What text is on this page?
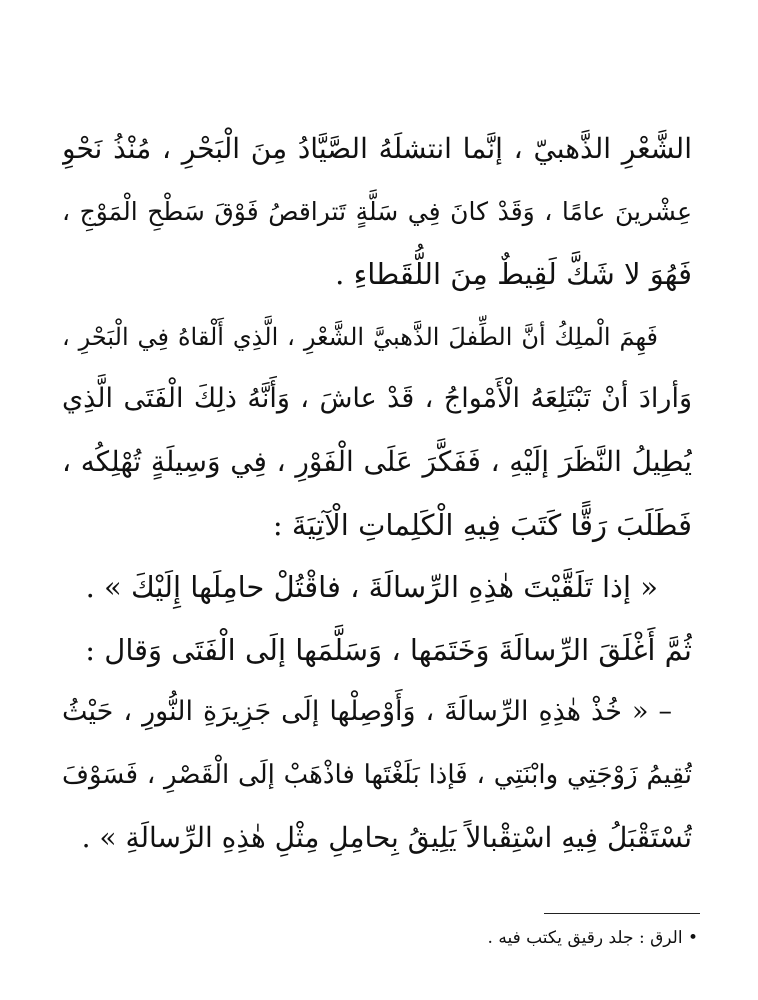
الشَّعْرِ الذَّهبيّ ، إنَّما انتشلَهُ الصَّيَّادُ مِنَ الْبَحْرِ ، مُنْذُ نَحْوِ
عِشْرينَ عامًا ، وَقَدْ كانَ فِي سَلَّةٍ تَتراقصُ فَوْقَ سَطْحِ الْمَوْجِ ،
فَهُوَ لا شَكَّ لَقِيطٌ مِنَ اللُّقَطاءِ .
فَهِمَ الْملِكُ أنَّ الطِّفلَ الذَّهبيَّ الشَّعْرِ ، الَّذِي أَلْقاهُ فِي الْبَحْرِ ،
وَأرادَ أنْ تَبْتَلِعَهُ الْأَمْواجُ ، قَدْ عاشَ ، وَأَنَّهُ ذلِكَ الْفَتَى الَّذِي
يُطِيلُ النَّظَرَ إلَيْهِ ، فَفَكَّرَ عَلَى الْفَوْرِ ، فِي وَسِيلَةٍ تُهْلِكُه ،
فَطَلَبَ رَقًّا كَتَبَ فِيهِ الْكَلِماتِ الْآتِيَةَ :
« إذا تَلَقَّيْتَ هٰذِهِ الرِّسالَةَ ، فاقْتُلْ حامِلَها إِلَيْكَ » .
ثُمَّ أَغْلَقَ الرِّسالَةَ وَخَتَمَها ، وَسَلَّمَها إلَى الْفَتَى وَقال :
– « خُذْ هٰذِهِ الرِّسالَةَ ، وَأَوْصِلْها إلَى جَزِيرَةِ النُّورِ ، حَيْثُ
تُقِيمُ زَوْجَتِي وابْنَتِي ، فَإذا بَلَغْتَها فاذْهَبْ إلَى الْقَصْرِ ، فَسَوْفَ
تُسْتَقْبَلُ فِيهِ اسْتِقْبالاً يَلِيقُ بِحامِلِ مِثْلِ هٰذِهِ الرِّسالَةِ » .
• الرق : جلد رقيق يكتب فيه .
